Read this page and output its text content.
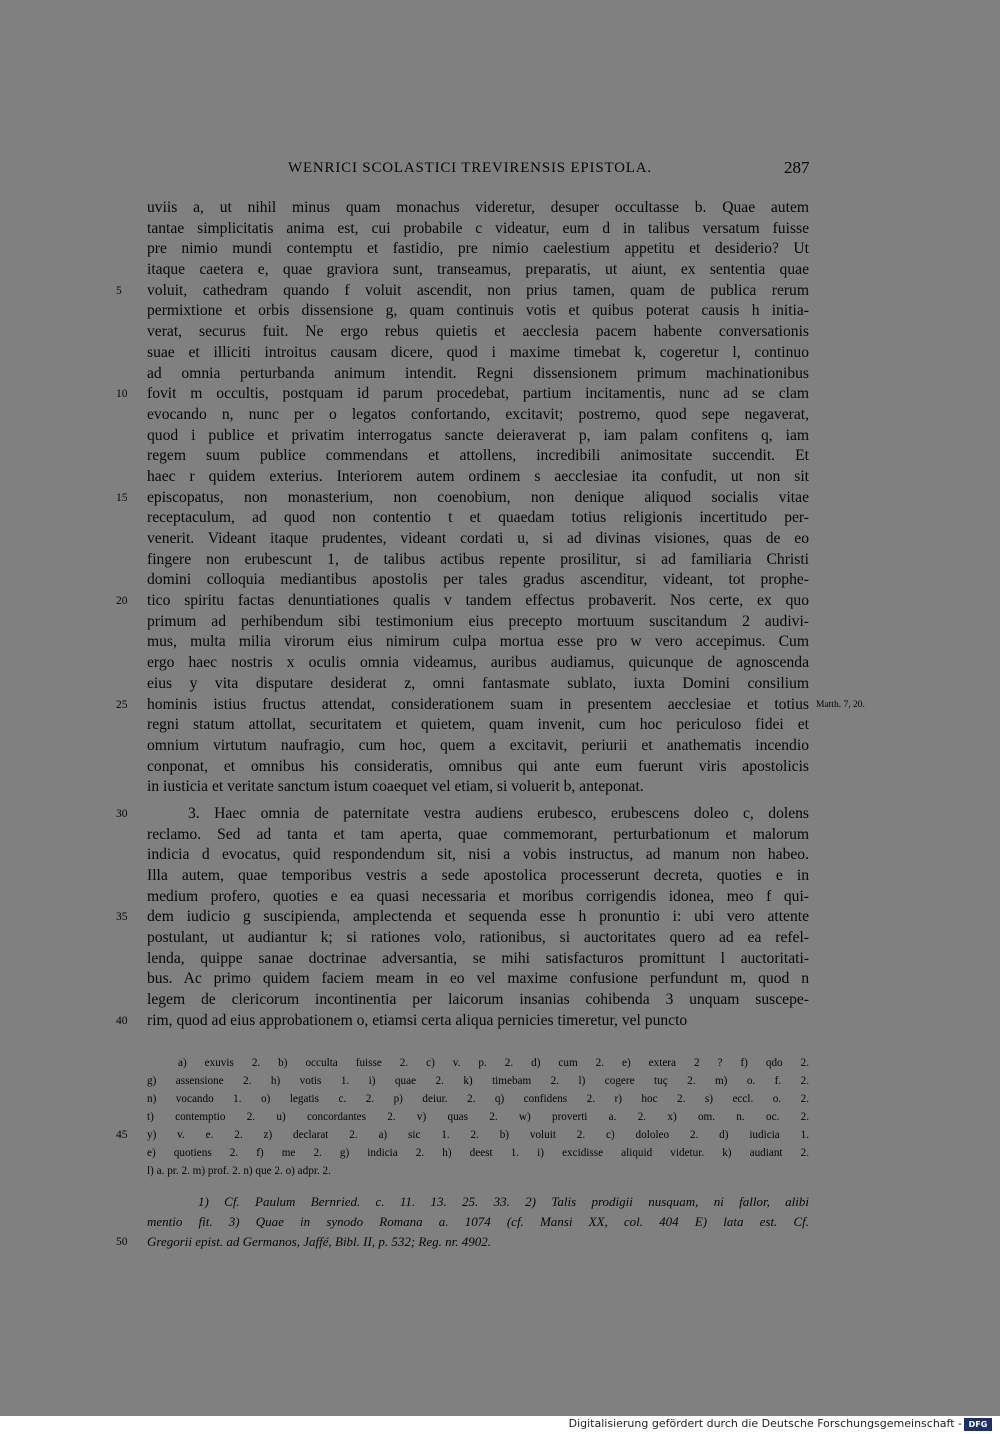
WENRICI SCOLASTICI TREVIRENSIS EPISTOLA.	287
uviis a, ut nihil minus quam monachus videretur, desuper occultasse b. Quae autem
tantae simplicitatis anima est, cui probabile c videatur, eum d in talibus versatum fuisse
pre nimio mundi contemptu et fastidio, pre nimio caelestium appetitu et desiderio? Ut
itaque caetera e, quae graviora sunt, transeamus, preparatis, ut aiunt, ex sententia quae
5	voluit, cathedram quando f voluit ascendit, non prius tamen, quam de publica rerum
permixtione et orbis dissensione g, quam continuis votis et quibus poterat causis h initia-
verat, securus fuit. Ne ergo rebus quietis et aecclesia pacem habente conversationis
suae et illiciti introitus causam dicere, quod i maxime timebat k, cogeretur l, continuo
ad omnia perturbanda animum intendit. Regni dissensionem primum machinationibus
10	fovit m occultis, postquam id parum procedebat, partium incitamentis, nunc ad se clam
evocando n, nunc per o legatos confortando, excitavit; postremo, quod sepe negaverat,
quod i publice et privatim interrogatus sancte deieraverat p, iam palam confitens q, iam
regem suum publice commendans et attollens, incredibili animositate succendit. Et
haec r quidem exterius. Interiorem autem ordinem s aecclesiae ita confudit, ut non sit
15	episcopatus, non monasterium, non coenobium, non denique aliquod socialis vitae
receptaculum, ad quod non contentio t et quaedam totius religionis incertitudo per-
venerit. Videant itaque prudentes, videant cordati u, si ad divinas visiones, quas de eo
fingere non erubescunt 1, de talibus actibus repente prosilitur, si ad familiaria Christi
domini colloquia mediantibus apostolis per tales gradus ascenditur, videant, tot prophe-
20	tico spiritu factas denuntiationes qualis v tandem effectus probaverit. Nos certe, ex quo
primum ad perhibendum sibi testimonium eius precepto mortuum suscitandum 2 audivi-
mus, multa milia virorum eius nimirum culpa mortua esse pro w vero accepimus. Cum
ergo haec nostris x oculis omnia videamus, auribus audiamus, quicunque de agnoscenda
eius y vita disputare desiderat z, omni fantasmate sublato, iuxta Domini consilium
25	hominis istius fructus attendat, considerationem suam in presentem aecclesiae et totius Matth. 7, 20.
regni statum attollat, securitatem et quietem, quam invenit, cum hoc periculoso fidei et
omnium virtutum naufragio, cum hoc, quem a excitavit, periurii et anathematis incendio
conponat, et omnibus his consideratis, omnibus qui ante eum fuerunt viris apostolicis
in iusticia et veritate sanctum istum coaequet vel etiam, si voluerit b, anteponat.
30	3. Haec omnia de paternitate vestra audiens erubesco, erubescens doleo c, dolens
reclamo. Sed ad tanta et tam aperta, quae commemorant, perturbationum et malorum
indicia d evocatus, quid respondendum sit, nisi a vobis instructus, ad manum non habeo.
Illa autem, quae temporibus vestris a sede apostolica processerunt decreta, quoties e in
medium profero, quoties e ea quasi necessaria et moribus corrigendis idonea, meo f qui-
35	dem iudicio g suscipienda, amplectenda et sequenda esse h pronuntio i: ubi vero attente
postulant, ut audiantur k; si rationes volo, rationibus, si auctoritates quero ad ea refel-
lenda, quippe sanae doctrinae adversantia, se mihi satisfacturos promittunt l auctoritati-
bus. Ac primo quidem faciem meam in eo vel maxime confusione perfundunt m, quod n
legem de clericorum incontinentia per laicorum insanias cohibenda 3 unquam suscepe-
40	rim, quod ad eius approbationem o, etiamsi certa aliqua pernicies timeretur, vel puncto
a) exuvis 2. b) occulta fuisse 2. c) v. p. 2. d) cum 2. e) extera 2 ? f) qdo 2.
g) assensione 2. h) votis 1. i) quae 2. k) timebam 2. l) cogere tuç 2. m) o. f. 2.
n) vocando 1. o) legatis c. 2. p) deiur. 2. q) confidens 2. r) hoc 2. s) eccl. o. 2.
t) contemptio 2. u) concordantes 2. v) quas 2. w) proverti a. 2. x) om. n. oc. 2.
45 y) v. e. 2. z) declarat 2. a) sic 1. 2. b) voluit 2. c) dololeo 2. d) iudicia 1.
e) quotiens 2. f) me 2. g) indicia 2. h) deest 1. i) excidisse aliquid videtur. k) audiant 2.
l) a. pr. 2. m) prof. 2. n) que 2. o) adpr. 2.
1) Cf. Paulum Bernried. c. 11. 13. 25. 33. 2) Talis prodigii nusquam, ni fallor, alibi
mentio fit. 3) Quae in synodo Romana a. 1074 (cf. Mansi XX, col. 404 E) lata est. Cf.
50 Gregorii epist. ad Germanos, Jaffé, Bibl. II, p. 532; Reg. nr. 4902.
Digitalisierung gefördert durch die Deutsche Forschungsgemeinschaft - DFG
